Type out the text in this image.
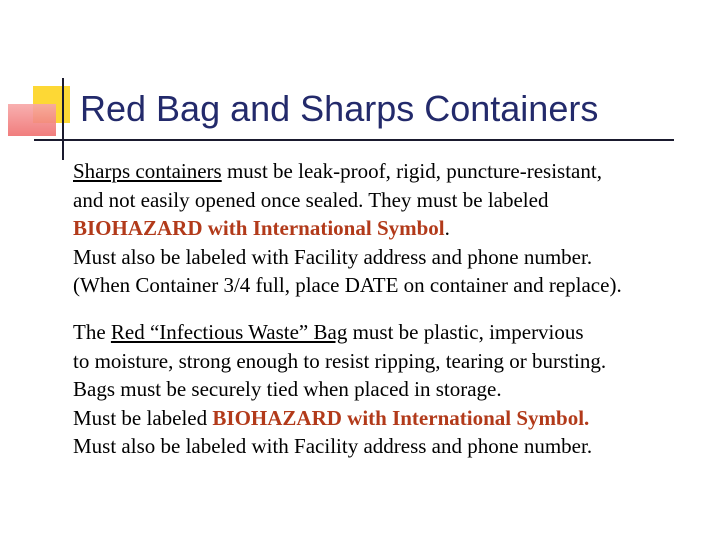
Red Bag and Sharps Containers
Sharps containers must be leak-proof, rigid, puncture-resistant,
and not easily opened once sealed. They must be labeled
BIOHAZARD with International Symbol.
Must also be labeled with Facility address and phone number.
(When Container 3/4 full, place DATE on container and replace).
The Red “Infectious Waste” Bag must be plastic, impervious
to moisture, strong enough to resist ripping, tearing or bursting.
Bags must be securely tied when placed in storage.
Must be labeled BIOHAZARD with International Symbol.
Must also be labeled with Facility address and phone number.
